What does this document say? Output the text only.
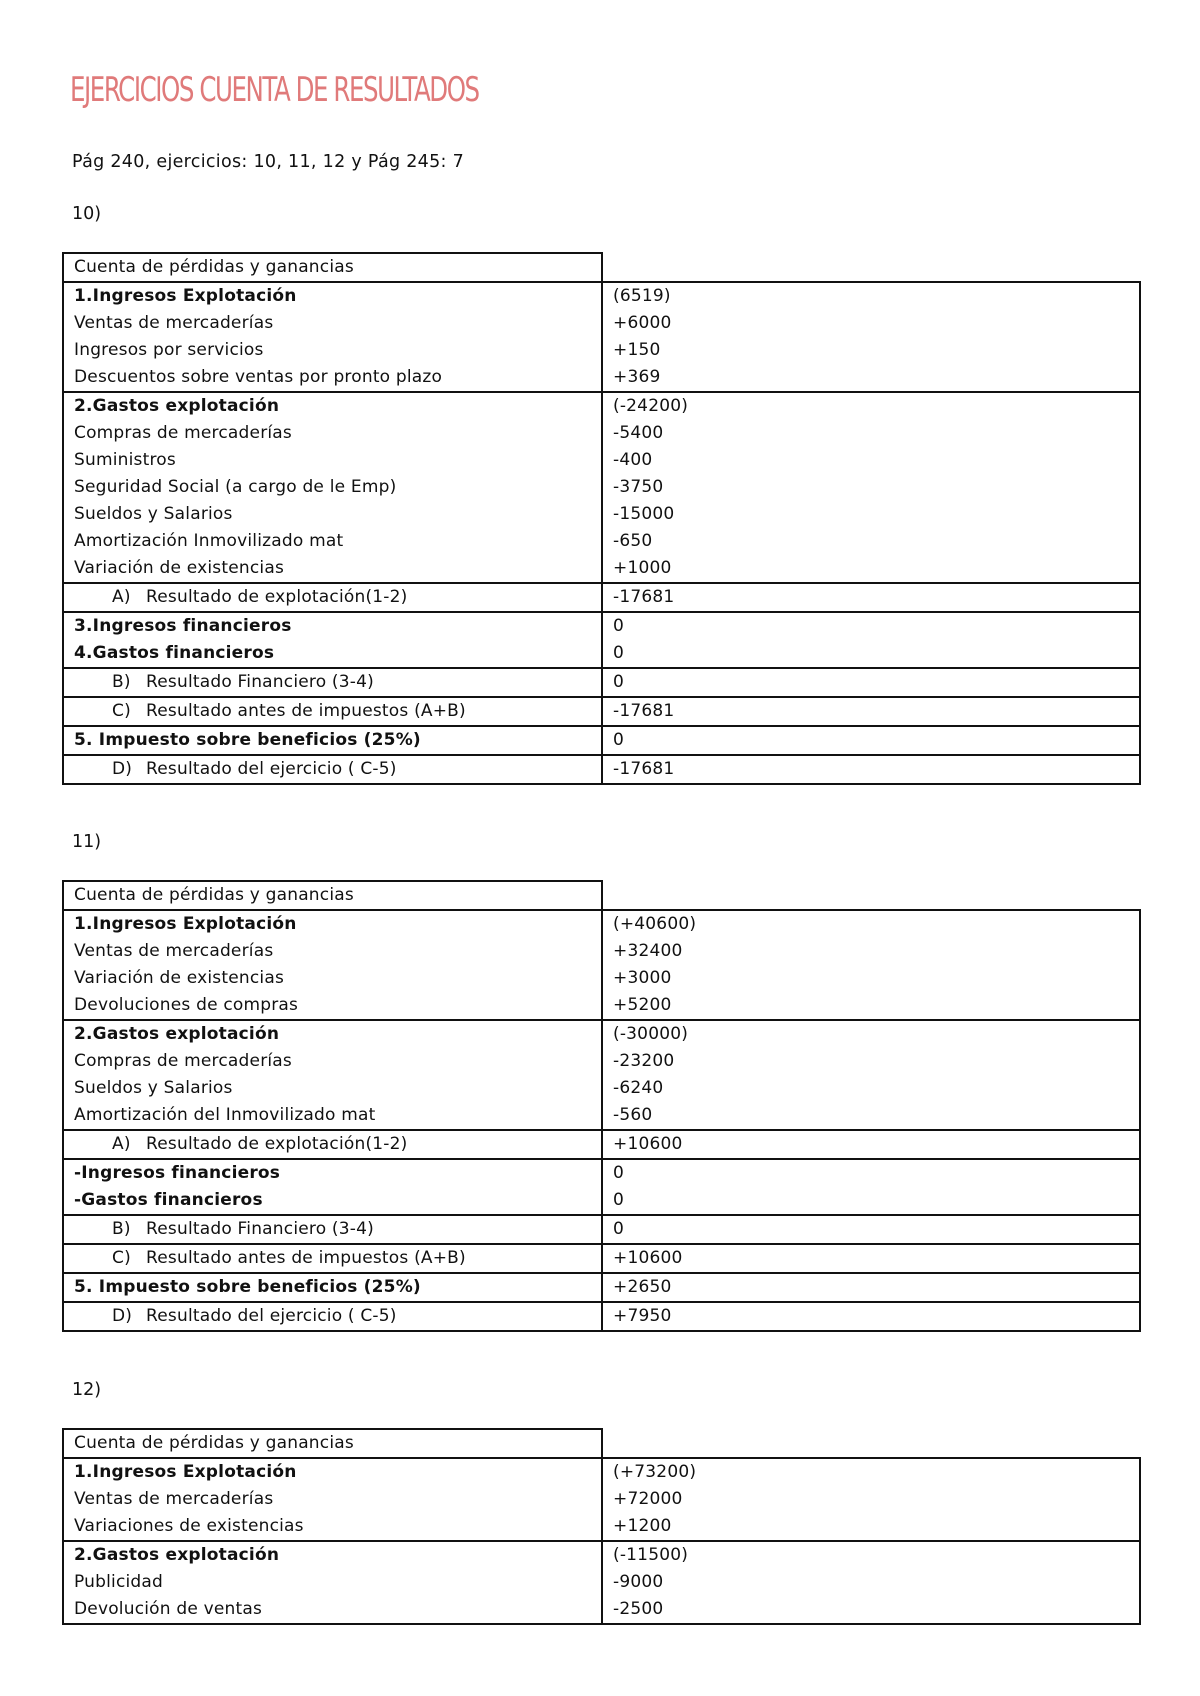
EJERCICIOS CUENTA DE RESULTADOS
Pág 240, ejercicios: 10, 11, 12 y Pág 245: 7
10)
Cuenta de pérdidas y ganancias	
1.Ingresos Explotación	(6519)
Ventas de mercaderías	+6000
Ingresos por servicios	+150
Descuentos sobre ventas por pronto plazo	+369
2.Gastos explotación	(-24200)
Compras de mercaderías	-5400
Suministros	-400
Seguridad Social (a cargo de le Emp)	-3750
Sueldos y Salarios	-15000
Amortización Inmovilizado mat	-650
Variación de existencias	+1000
A) Resultado de explotación(1-2)	-17681
3.Ingresos financieros	0
4.Gastos financieros	0
B) Resultado Financiero (3-4)	0
C) Resultado antes de impuestos (A+B)	-17681
5. Impuesto sobre beneficios (25%)	0
D) Resultado del ejercicio ( C-5)	-17681
11)
Cuenta de pérdidas y ganancias	
1.Ingresos Explotación	(+40600)
Ventas de mercaderías	+32400
Variación de existencias	+3000
Devoluciones de compras	+5200
2.Gastos explotación	(-30000)
Compras de mercaderías	-23200
Sueldos y Salarios	-6240
Amortización del Inmovilizado mat	-560
A) Resultado de explotación(1-2)	+10600
-Ingresos financieros	0
-Gastos financieros	0
B) Resultado Financiero (3-4)	0
C) Resultado antes de impuestos (A+B)	+10600
5. Impuesto sobre beneficios (25%)	+2650
D) Resultado del ejercicio ( C-5)	+7950
12)
Cuenta de pérdidas y ganancias	
1.Ingresos Explotación	(+73200)
Ventas de mercaderías	+72000
Variaciones de existencias	+1200
2.Gastos explotación	(-11500)
Publicidad	-9000
Devolución de ventas	-2500
